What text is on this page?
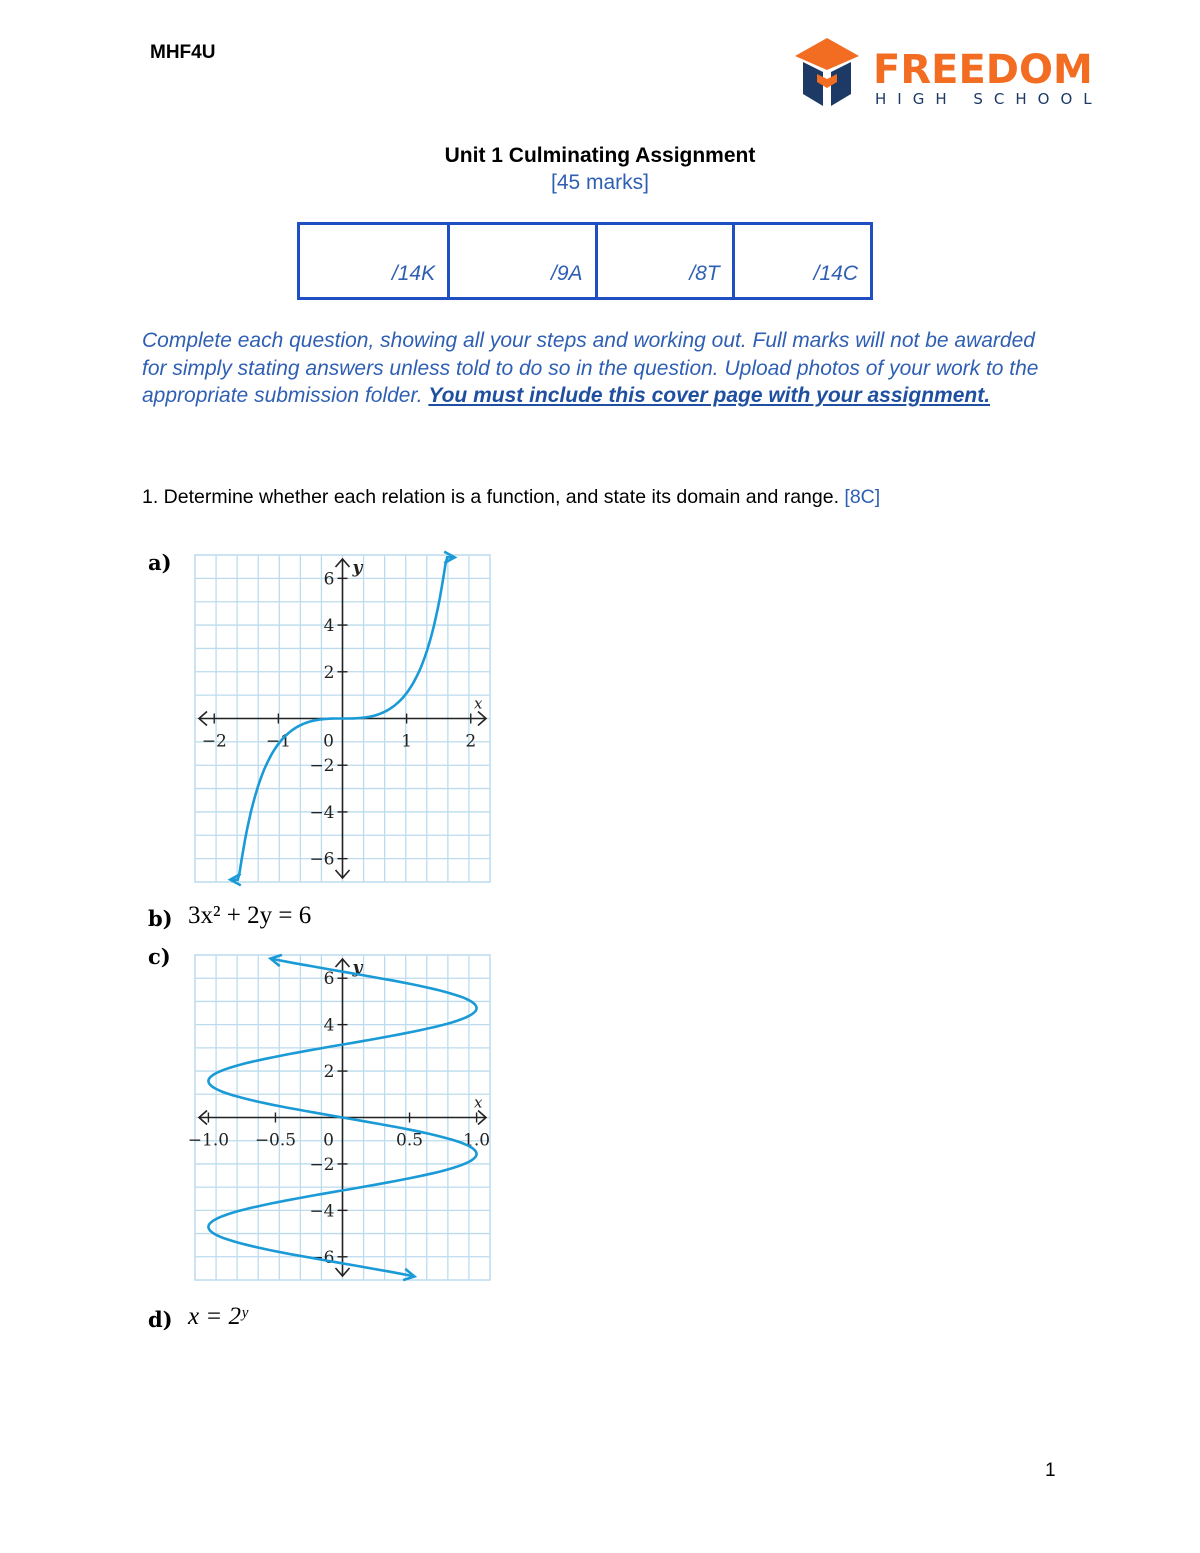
MHF4U	FREEDOM
HIGH SCHOOL
Unit 1 Culminating Assignment
[45 marks]
/14K	/9A	/8T	/14C
Complete each question, showing all your steps and working out. Full marks will not be awarded for simply stating answers unless told to do so in the question. Upload photos of your work to the appropriate submission folder. You must include this cover page with your assignment.
1. Determine whether each relation is a function, and state its domain and range. [8C]
a)	y
x
−2 −1 0	1	2
6
4
2
−2
−4
−6
b) 3x² + 2y = 6
c)	y
x
−1.0 −0.5 0	0.5 1.0
6
4
2
−2
−4
−6
d) x = 2ʸ
1
